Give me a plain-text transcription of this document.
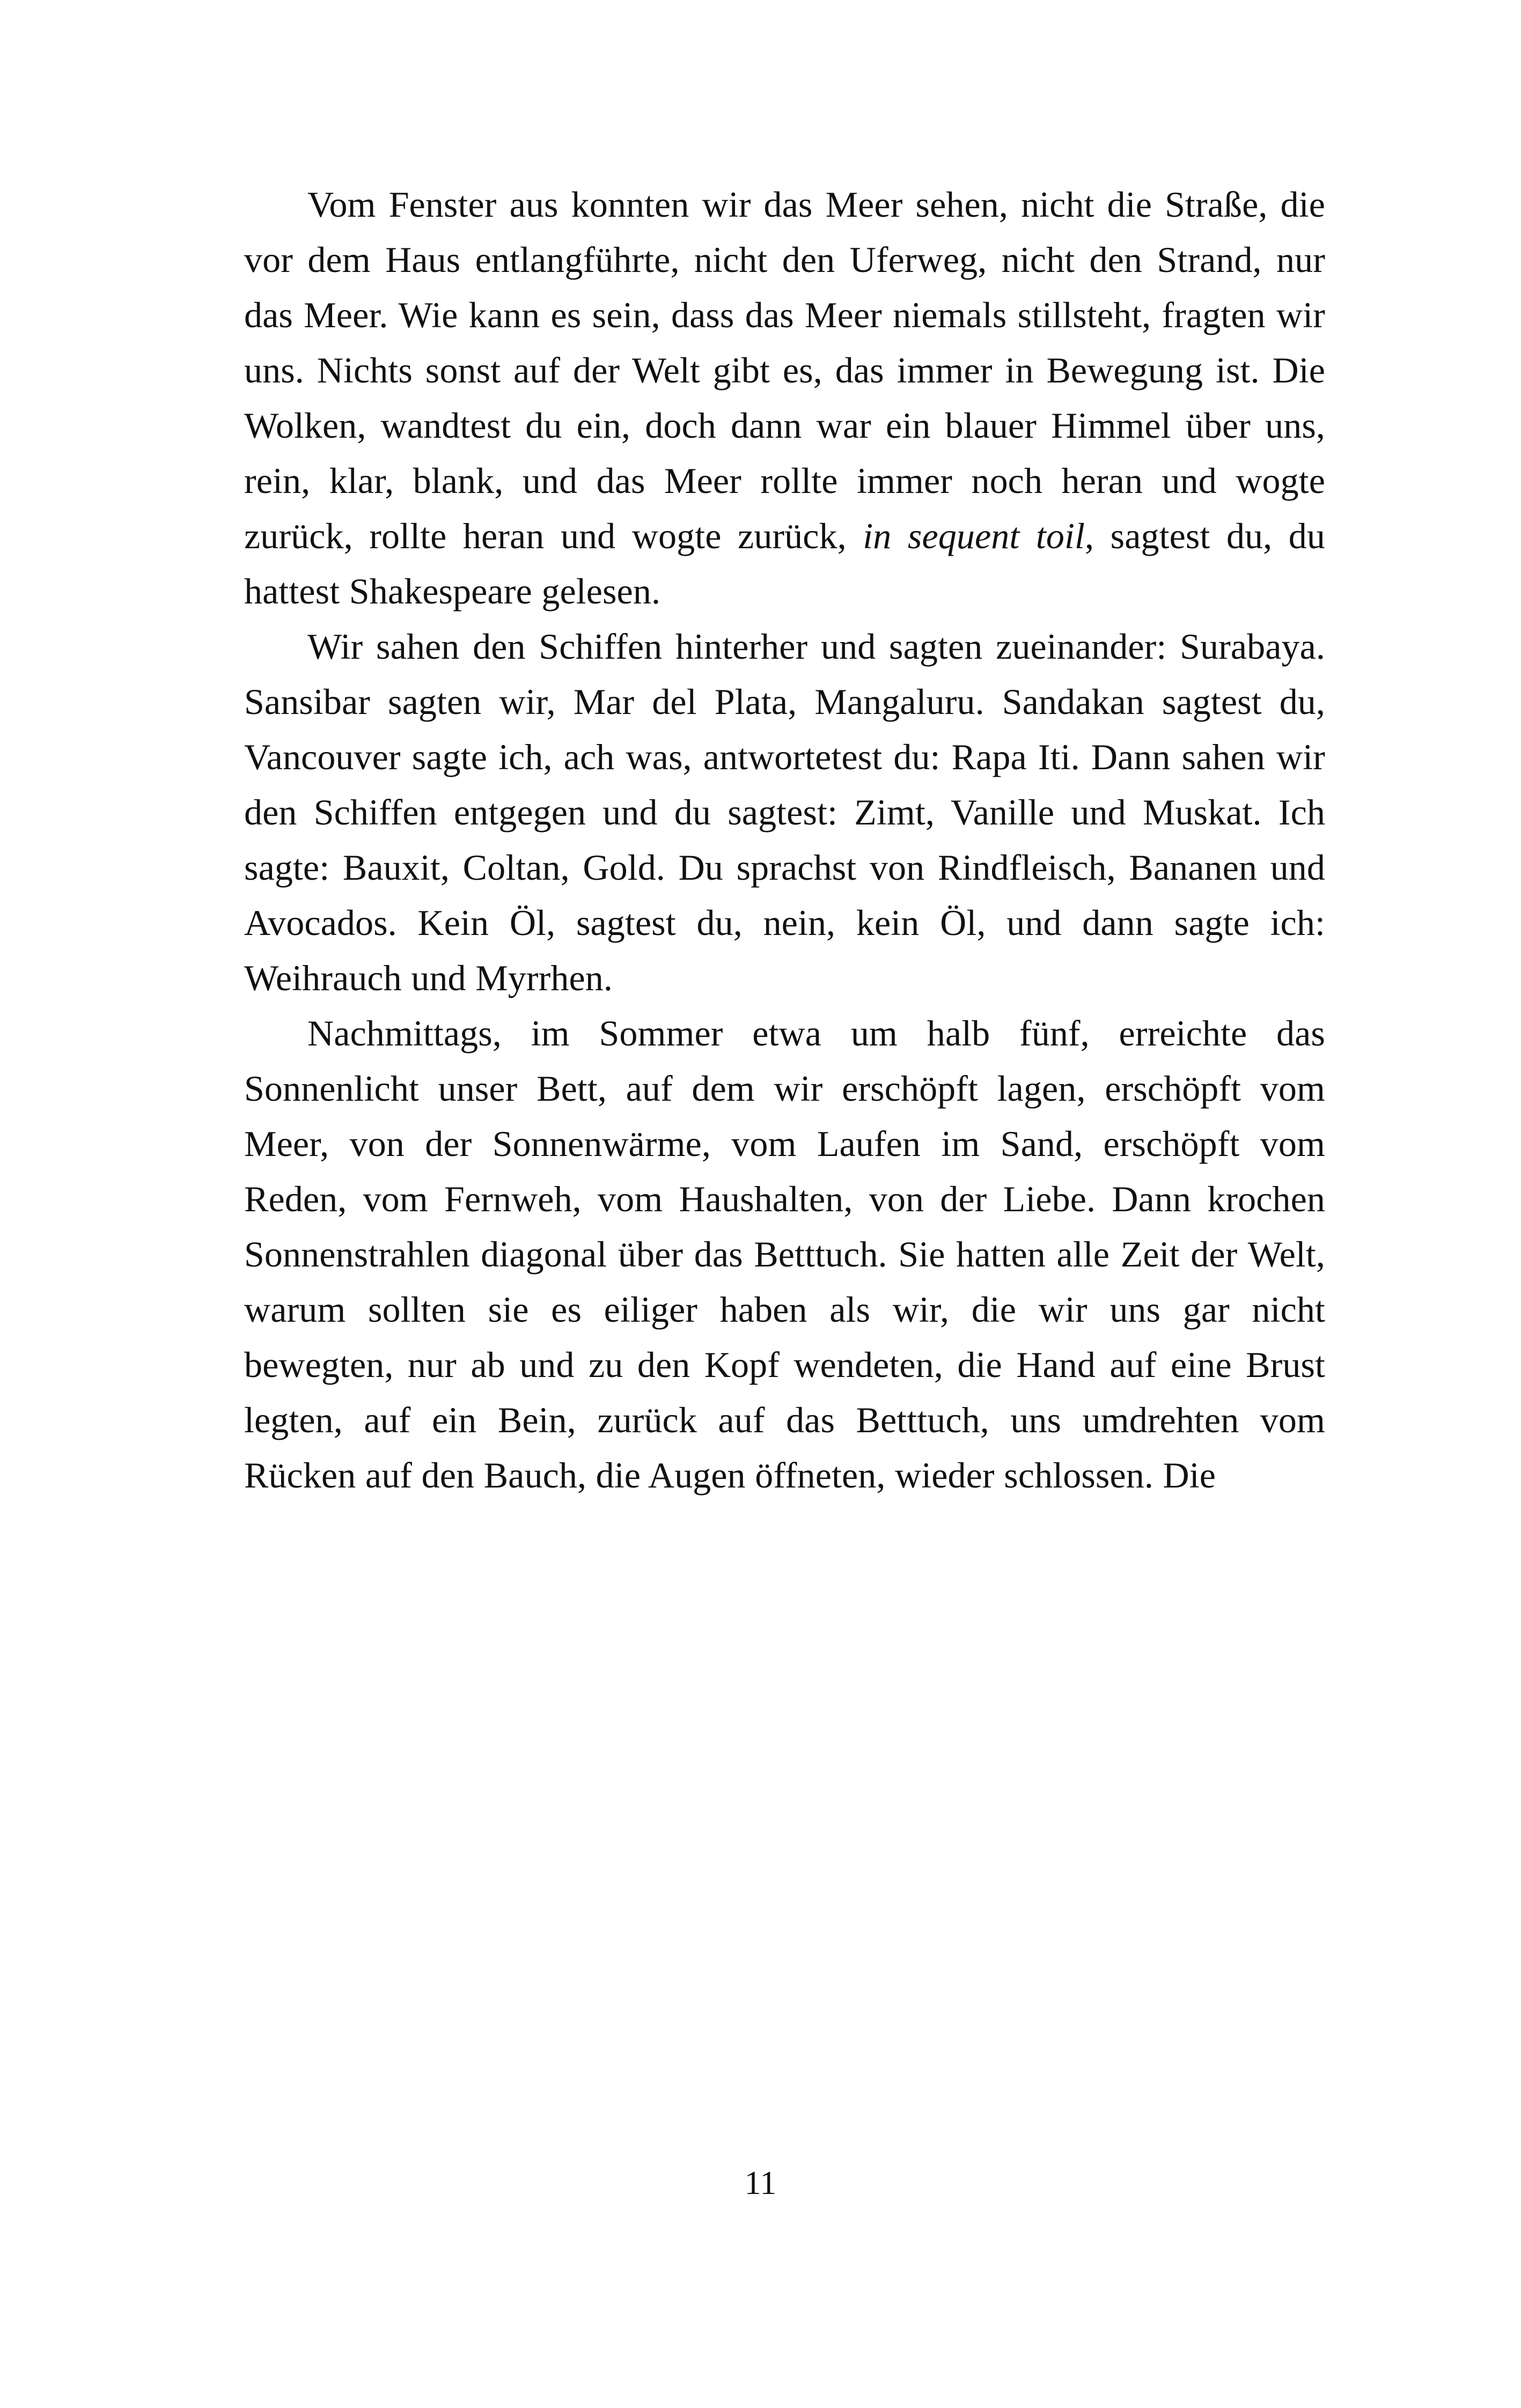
Vom Fenster aus konnten wir das Meer sehen, nicht die Straße, die vor dem Haus entlangführte, nicht den Uferweg, nicht den Strand, nur das Meer. Wie kann es sein, dass das Meer niemals stillsteht, fragten wir uns. Nichts sonst auf der Welt gibt es, das immer in Bewegung ist. Die Wolken, wandtest du ein, doch dann war ein blauer Himmel über uns, rein, klar, blank, und das Meer rollte immer noch heran und wogte zurück, rollte heran und wogte zurück, in sequent toil, sagtest du, du hattest Shakespeare gelesen.

Wir sahen den Schiffen hinterher und sagten zueinander: Surabaya. Sansibar sagten wir, Mar del Plata, Mangaluru. Sandakan sagtest du, Vancouver sagte ich, ach was, antwortetest du: Rapa Iti. Dann sahen wir den Schiffen entgegen und du sagtest: Zimt, Vanille und Muskat. Ich sagte: Bauxit, Coltan, Gold. Du sprachst von Rindfleisch, Bananen und Avocados. Kein Öl, sagtest du, nein, kein Öl, und dann sagte ich: Weihrauch und Myrrhen.

Nachmittags, im Sommer etwa um halb fünf, erreichte das Sonnenlicht unser Bett, auf dem wir erschöpft lagen, erschöpft vom Meer, von der Sonnenwärme, vom Laufen im Sand, erschöpft vom Reden, vom Fernweh, vom Haushalten, von der Liebe. Dann krochen Sonnenstrahlen diagonal über das Betttuch. Sie hatten alle Zeit der Welt, warum sollten sie es eiliger haben als wir, die wir uns gar nicht bewegten, nur ab und zu den Kopf wendeten, die Hand auf eine Brust legten, auf ein Bein, zurück auf das Betttuch, uns umdrehten vom Rücken auf den Bauch, die Augen öffneten, wieder schlossen. Die

11
